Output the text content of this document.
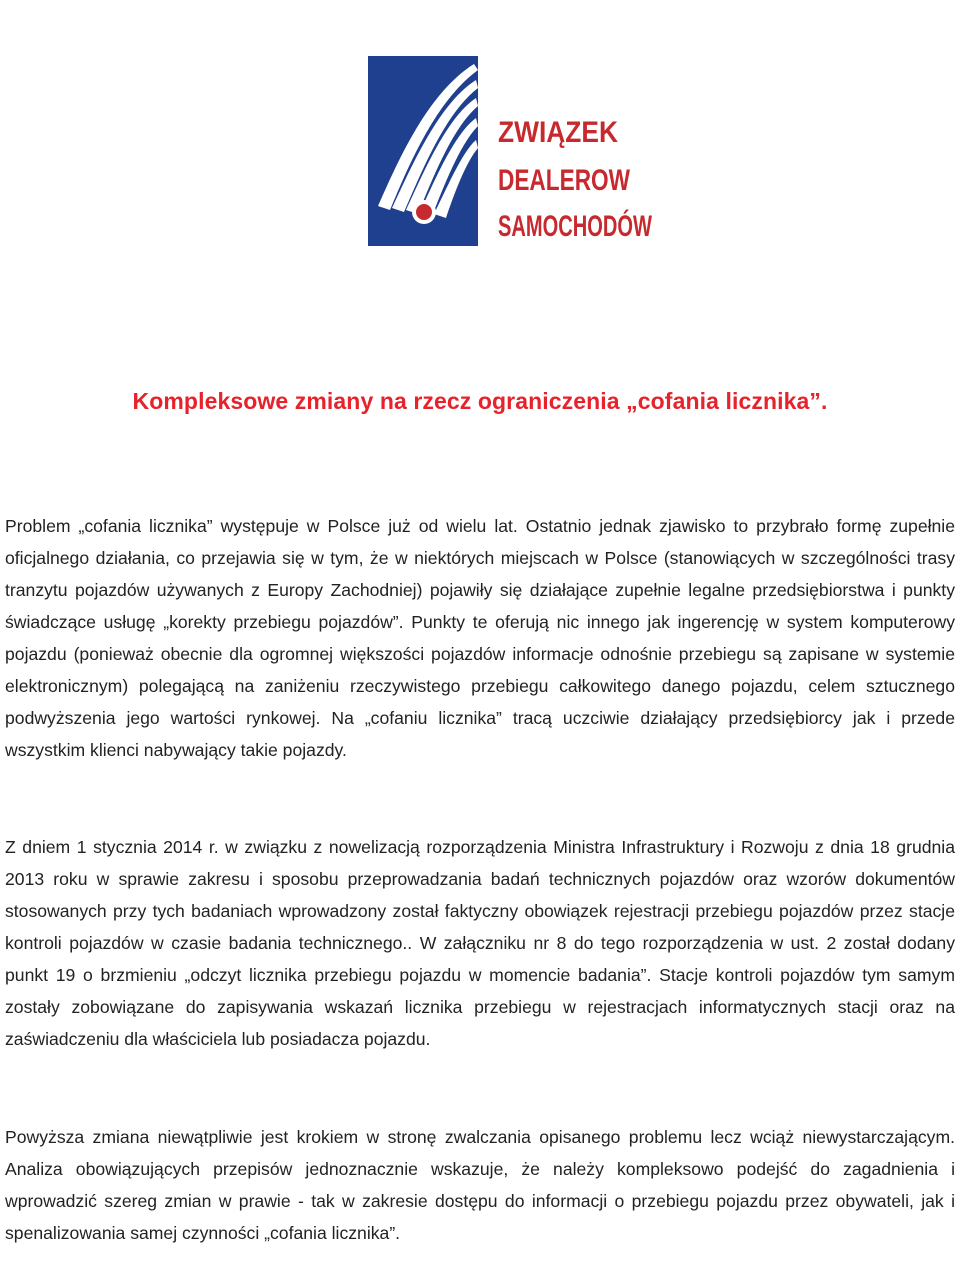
ZWIĄZEK
DEALEROW
SAMOCHODÓW
Kompleksowe zmiany na rzecz ograniczenia „cofania licznika”.

Problem „cofania licznika” występuje w Polsce już od wielu lat. Ostatnio jednak zjawisko to przybrało formę zupełnie oficjalnego działania, co przejawia się w tym, że w niektórych miejscach w Polsce (stanowiących w szczególności trasy tranzytu pojazdów używanych z Europy Zachodniej) pojawiły się działające zupełnie legalne przedsiębiorstwa i punkty świadczące usługę „korekty przebiegu pojazdów”. Punkty te oferują nic innego jak ingerencję w system komputerowy pojazdu (ponieważ obecnie dla ogromnej większości pojazdów informacje odnośnie przebiegu są zapisane w systemie elektronicznym) polegającą na zaniżeniu rzeczywistego przebiegu całkowitego danego pojazdu, celem sztucznego podwyższenia jego wartości rynkowej. Na „cofaniu licznika” tracą uczciwie działający przedsiębiorcy jak i przede wszystkim klienci nabywający takie pojazdy.

Z dniem 1 stycznia 2014 r. w związku z nowelizacją rozporządzenia Ministra Infrastruktury i Rozwoju z dnia 18 grudnia 2013 roku w sprawie zakresu i sposobu przeprowadzania badań technicznych pojazdów oraz wzorów dokumentów stosowanych przy tych badaniach wprowadzony został faktyczny obowiązek rejestracji przebiegu pojazdów przez stacje kontroli pojazdów w czasie badania technicznego.. W załączniku nr 8 do tego rozporządzenia w ust. 2 został dodany punkt 19 o brzmieniu „odczyt licznika przebiegu pojazdu w momencie badania”. Stacje kontroli pojazdów tym samym zostały zobowiązane do zapisywania wskazań licznika przebiegu w rejestracjach informatycznych stacji oraz na zaświadczeniu dla właściciela lub posiadacza pojazdu.

Powyższa zmiana niewątpliwie jest krokiem w stronę zwalczania opisanego problemu lecz wciąż niewystarczającym. Analiza obowiązujących przepisów jednoznacznie wskazuje, że należy kompleksowo podejść do zagadnienia i wprowadzić szereg zmian w prawie - tak w zakresie dostępu do informacji o przebiegu pojazdu przez obywateli, jak i spenalizowania samej czynności „cofania licznika”.
